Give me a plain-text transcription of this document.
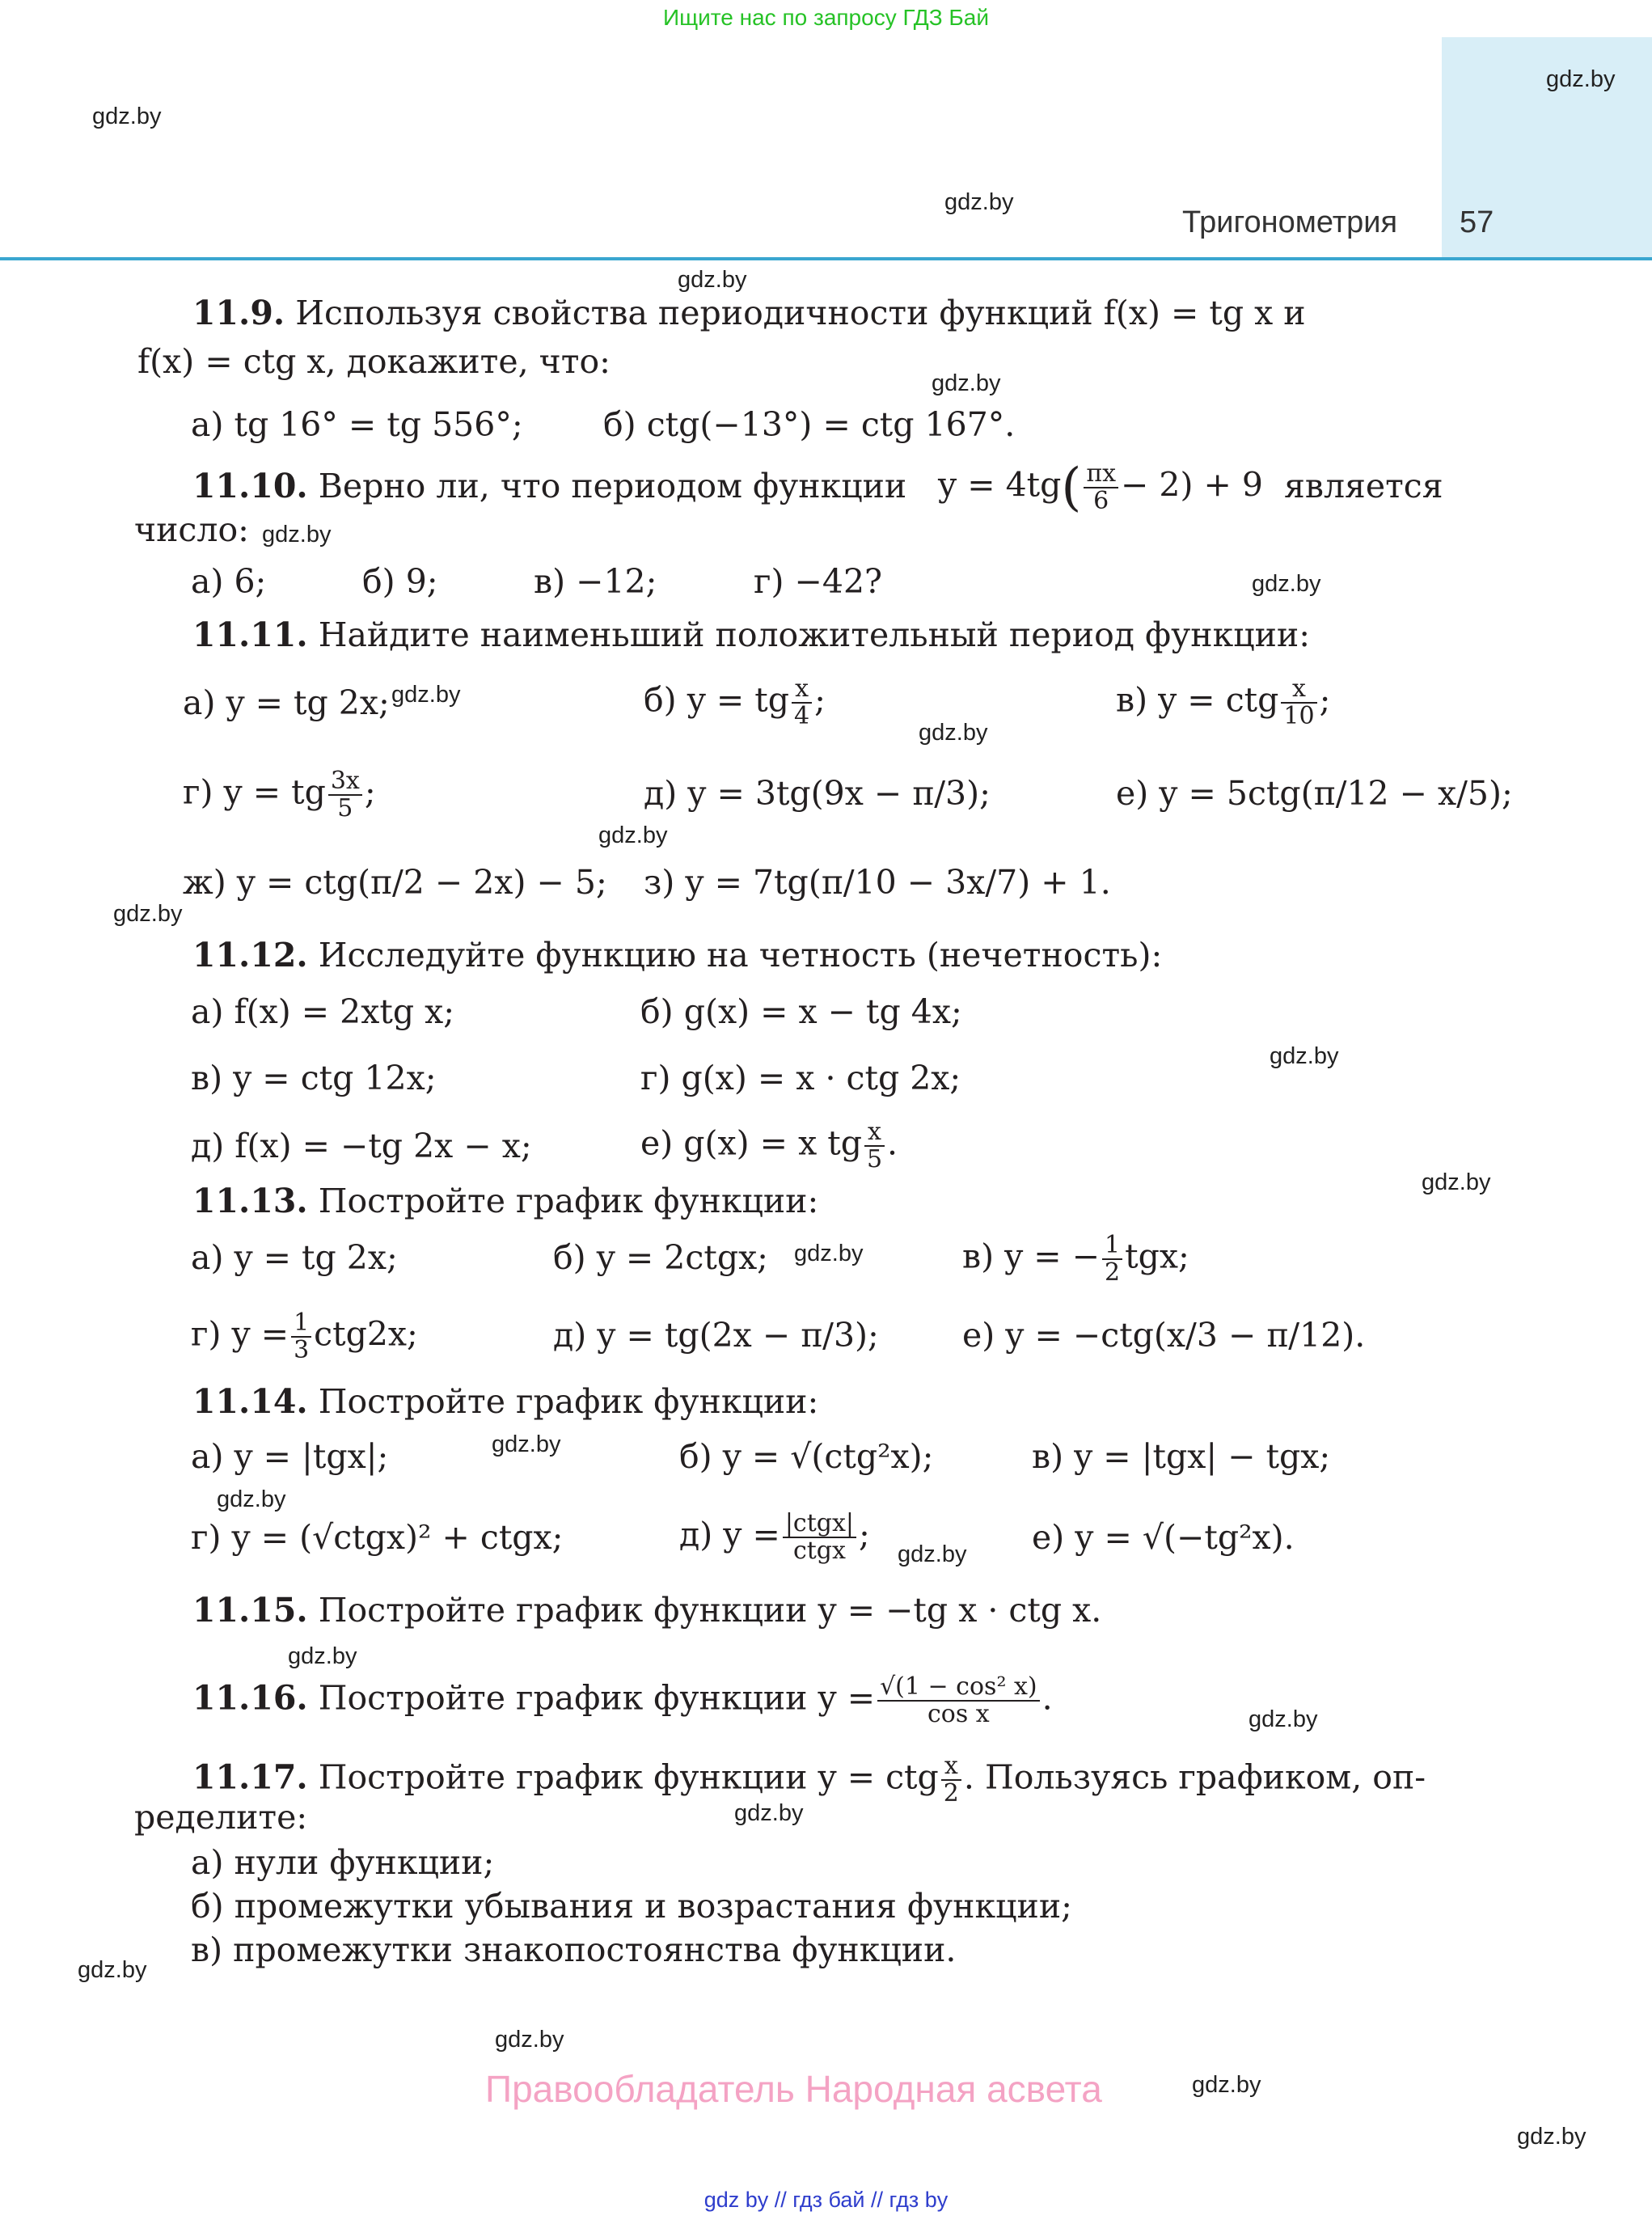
Ищите нас по запросу ГДЗ Бай
Тригонометрия 57
gdz.by
gdz.by
gdz.by
gdz.by
gdz.by
gdz.by
gdz.by
gdz.by
gdz.by
gdz.by
gdz.by
gdz.by
gdz.by
gdz.by
gdz.by
gdz.by
gdz.by
gdz.by
gdz.by
gdz.by
gdz.by
gdz.by
gdz.by
gdz.by
11.9. Используя свойства периодичности функций f(x) = tg x и
f(x) = ctg x, докажите, что:
а) tg 16° = tg 556°; б) ctg(−13°) = ctg 167°.
11.10. Верно ли, что периодом функции $y = 4tg( \frac{\pi x}{6} - 2) + 9$ является
число:
а) 6;	б) 9;	в) −12;	г) −42?
11.11. Найдите наименьший положительный период функции:
а) y = tg 2x;	б) y = tg $\frac{x}{4}$ ;	в) y = ctg $\frac{x}{10}$ ;
г) y = tg $\frac{3x}{5}$ ;	д) y = 3tg(9x − π/3);	е) y = 5ctg(π/12 − x/5);
ж) y = ctg(π/2 − 2x) − 5; з) y = 7tg(π/10 − 3x/7) + 1.
11.12. Исследуйте функцию на четность (нечетность):
а) f(x) = 2xtg x;	б) g(x) = x − tg 4x;
в) y = ctg 12x;	г) g(x) = x · ctg 2x;
д) f(x) = −tg 2x − x;	е) g(x) = x tg $\frac{x}{5}$ .
11.13. Постройте график функции:
а) y = tg 2x;	б) y = 2ctgx;	в) y = − $\frac{1}{2}$ tgx;
г) $y = \frac{1}{3} ctg2x$;	д) y = tg(2x − π/3);	е) y = −ctg(x/3 − π/12).
11.14. Постройте график функции:
а) y = |tgx|;	б) y = √(ctg²x);	в) y = |tgx| − tgx;
г) y = (√ctgx)² + ctgx;	д) $y = \frac{\text{|ctgx|}}{\text{ctgx}}$ ;	е) y = √(−tg²x).
11.15. Постройте график функции y = −tg x · ctg x.
11.16. Постройте график функции $y = \frac{\text{√(1 − cos² x)}}{\text{cos x}}$ .
11.17. Постройте график функции y = ctg $\frac{x}{2}$ . Пользуясь графиком, оп-
ределите:
а) нули функции;
б) промежутки убывания и возрастания функции;
в) промежутки знакопостоянства функции.
Правообладатель Народная асвета
gdz by // гдз бай // гдз by
